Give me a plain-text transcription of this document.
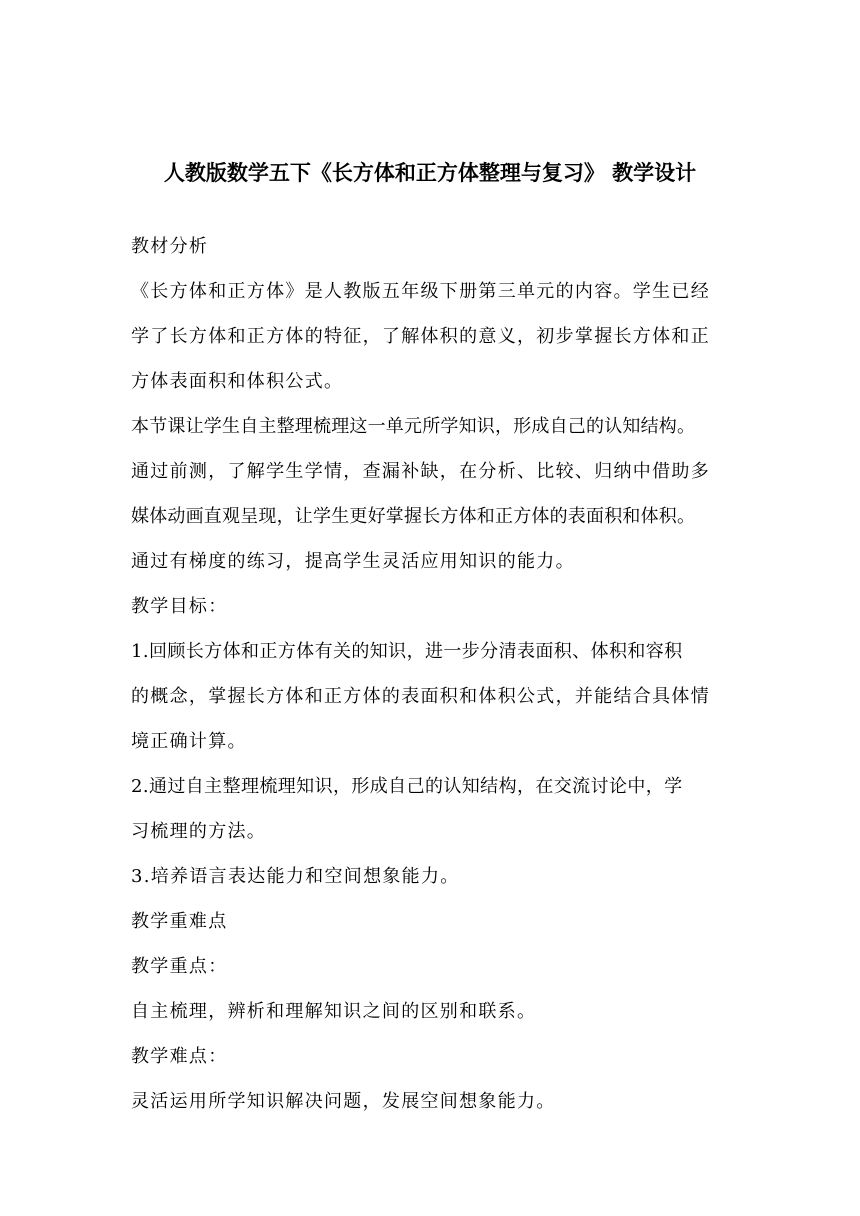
人教版数学五下《长方体和正方体整理与复习》 教学设计
教材分析
《长方体和正方体》是人教版五年级下册第三单元的内容。学生已经
学了长方体和正方体的特征，了解体积的意义，初步掌握长方体和正
方体表面积和体积公式。
本节课让学生自主整理梳理这一单元所学知识，形成自己的认知结构。
通过前测，了解学生学情，查漏补缺，在分析、比较、归纳中借助多
媒体动画直观呈现，让学生更好掌握长方体和正方体的表面积和体积。
通过有梯度的练习，提高学生灵活应用知识的能力。
教学目标：
1.回顾长方体和正方体有关的知识，进一步分清表面积、体积和容积
的概念，掌握长方体和正方体的表面积和体积公式，并能结合具体情
境正确计算。
2.通过自主整理梳理知识，形成自己的认知结构，在交流讨论中，学
习梳理的方法。
3.培养语言表达能力和空间想象能力。
教学重难点
教学重点：
自主梳理，辨析和理解知识之间的区别和联系。
教学难点：
灵活运用所学知识解决问题，发展空间想象能力。
